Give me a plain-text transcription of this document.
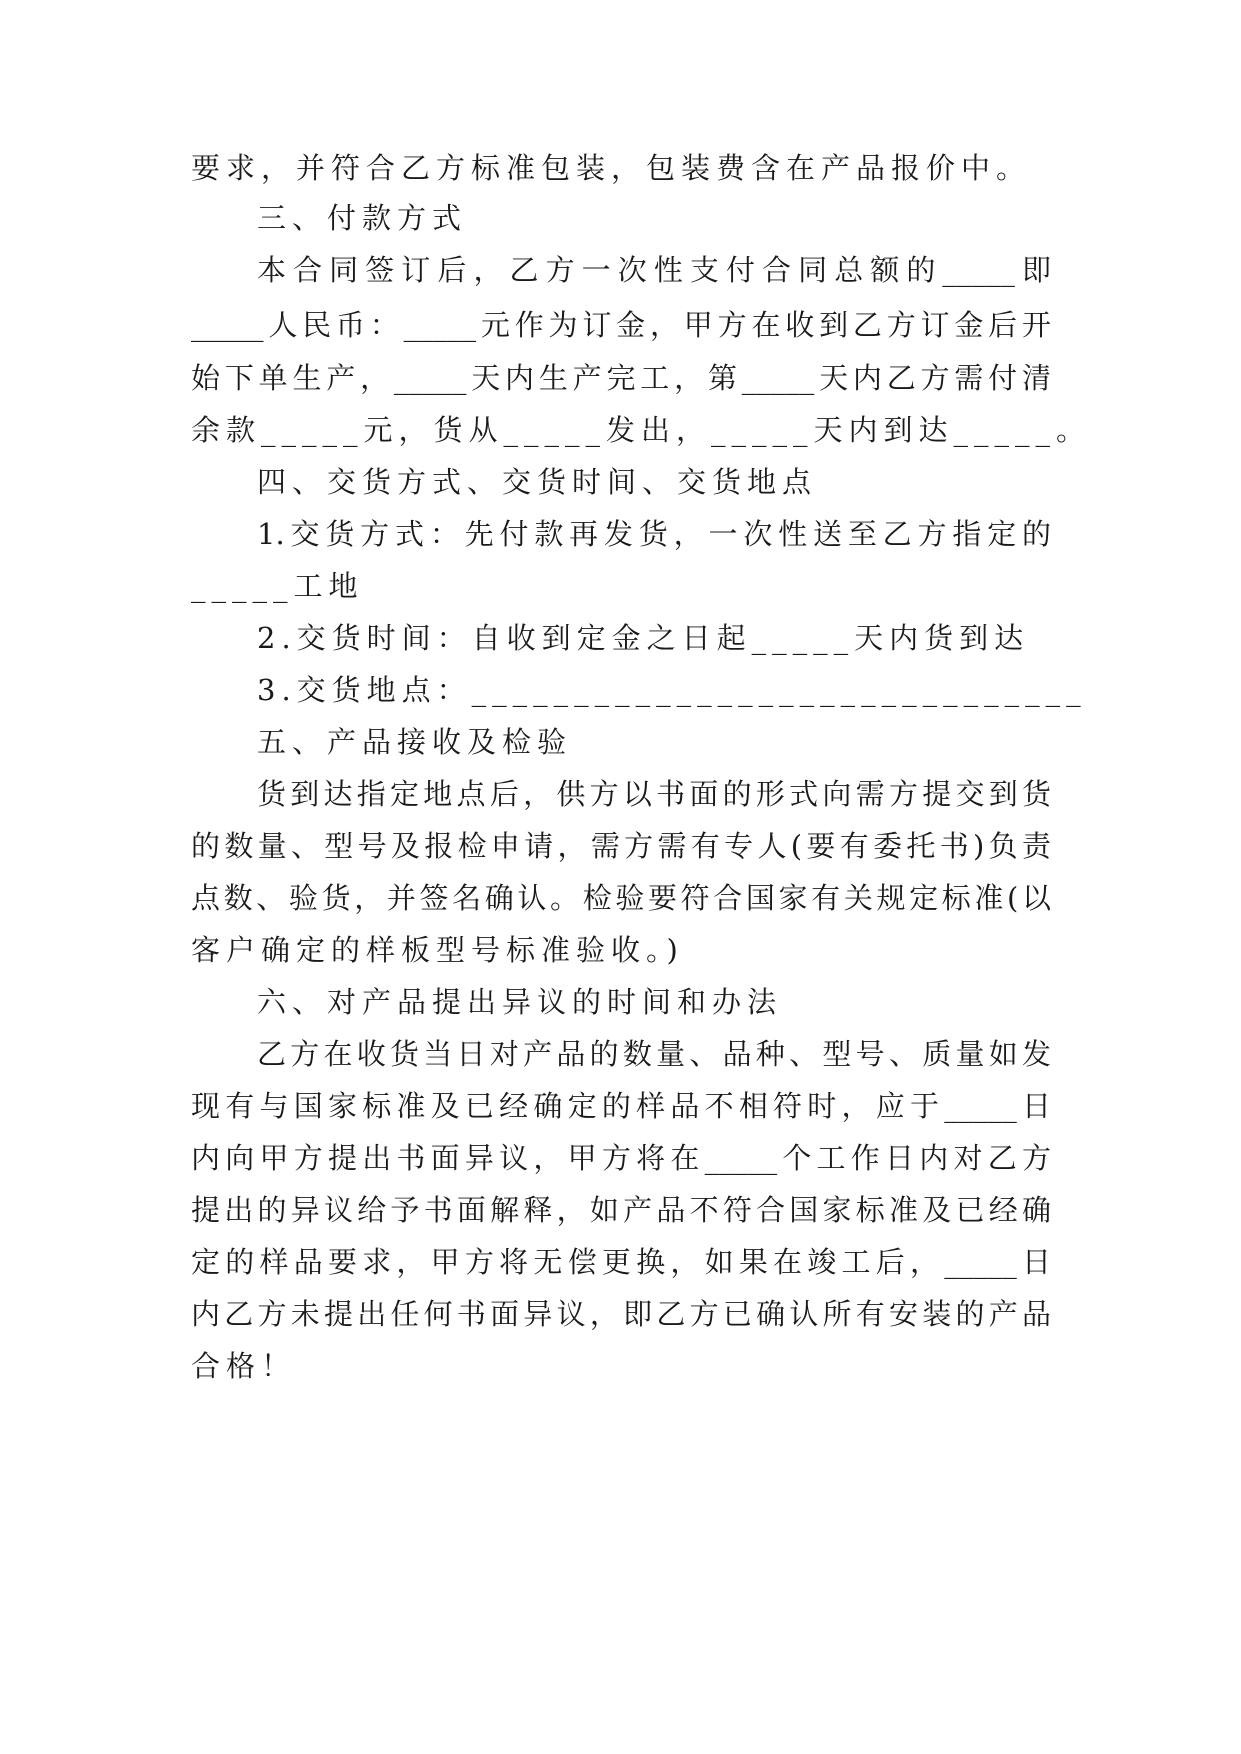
要求，并符合乙方标准包装，包装费含在产品报价中。
三、付款方式
本合同签订后，乙方一次性支付合同总额的_____即
_____人民币：_____元作为订金，甲方在收到乙方订金后开
始下单生产，_____天内生产完工，第_____天内乙方需付清
余款_____元，货从_____发出，_____天内到达_____。
四、交货方式、交货时间、交货地点
1.交货方式：先付款再发货，一次性送至乙方指定的
_____工地
2.交货时间：自收到定金之日起_____天内货到达
3.交货地点：______________________________
五、产品接收及检验
货到达指定地点后，供方以书面的形式向需方提交到货
的数量、型号及报检申请，需方需有专人(要有委托书)负责
点数、验货，并签名确认。检验要符合国家有关规定标准(以
客户确定的样板型号标准验收。)
六、对产品提出异议的时间和办法
乙方在收货当日对产品的数量、品种、型号、质量如发
现有与国家标准及已经确定的样品不相符时，应于_____日
内向甲方提出书面异议，甲方将在_____个工作日内对乙方
提出的异议给予书面解释，如产品不符合国家标准及已经确
定的样品要求，甲方将无偿更换，如果在竣工后，_____日
内乙方未提出任何书面异议，即乙方已确认所有安装的产品
合格！
